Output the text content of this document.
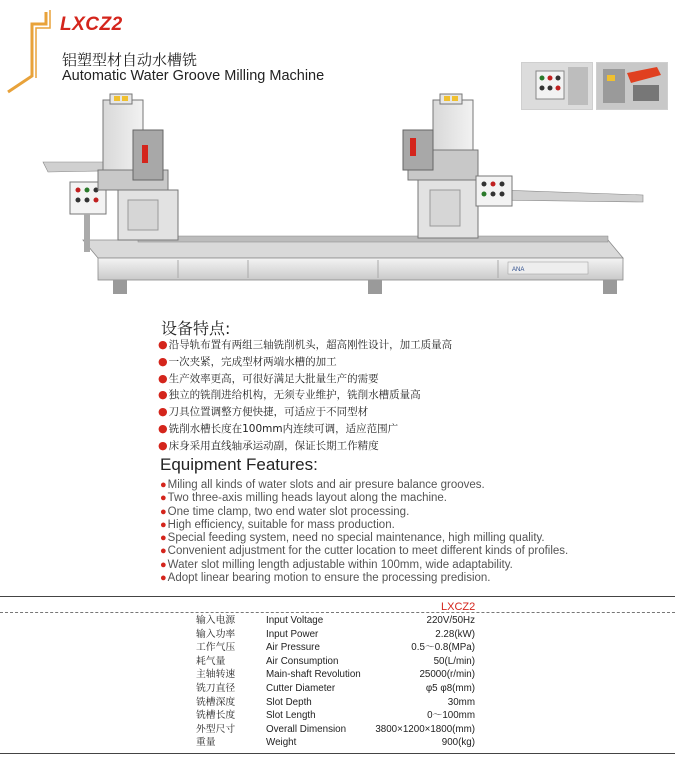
LXCZ2
铝塑型材自动水槽铣
Automatic Water Groove Milling Machine
ANA
设备特点:
●沿导轨布置有两组三轴铣削机头，超高刚性设计，加工质量高
●一次夹紧，完成型材两端水槽的加工
●生产效率更高，可很好满足大批量生产的需要
●独立的铣削进给机构，无须专业维护，铣削水槽质量高
●刀具位置调整方便快捷，可适应于不同型材
●铣削水槽长度在100mm内连续可调，适应范围广
●床身采用直线轴承运动副，保证长期工作精度
Equipment Features:
●Miling all kinds of water slots and air presure balance grooves.
●Two three-axis milling heads layout along the machine.
●One time clamp, two end water slot processing.
●High efficiency, suitable for mass production.
●Special feeding system, need no special maintenance, high milling quality.
●Convenient adjustment for the cutter location to meet different kinds of profiles.
●Water slot milling length adjustable within 100mm, wide adaptability.
●Adopt linear bearing motion to ensure the processing predision.
LXCZ2
输入电源	Input Voltage	220V/50Hz
输入功率	Input Power	2.28(kW)
工作气压	Air Pressure	0.5～0.8(MPa)
耗气量	Air Consumption	50(L/min)
主轴转速	Main-shaft Revolution	25000(r/min)
铣刀直径	Cutter Diameter	φ5 φ8(mm)
铣槽深度	Slot Depth	30mm
铣槽长度	Slot Length	0～100mm
外型尺寸	Overall Dimension	3800×1200×1800(mm)
重量	Weight	900(kg)
